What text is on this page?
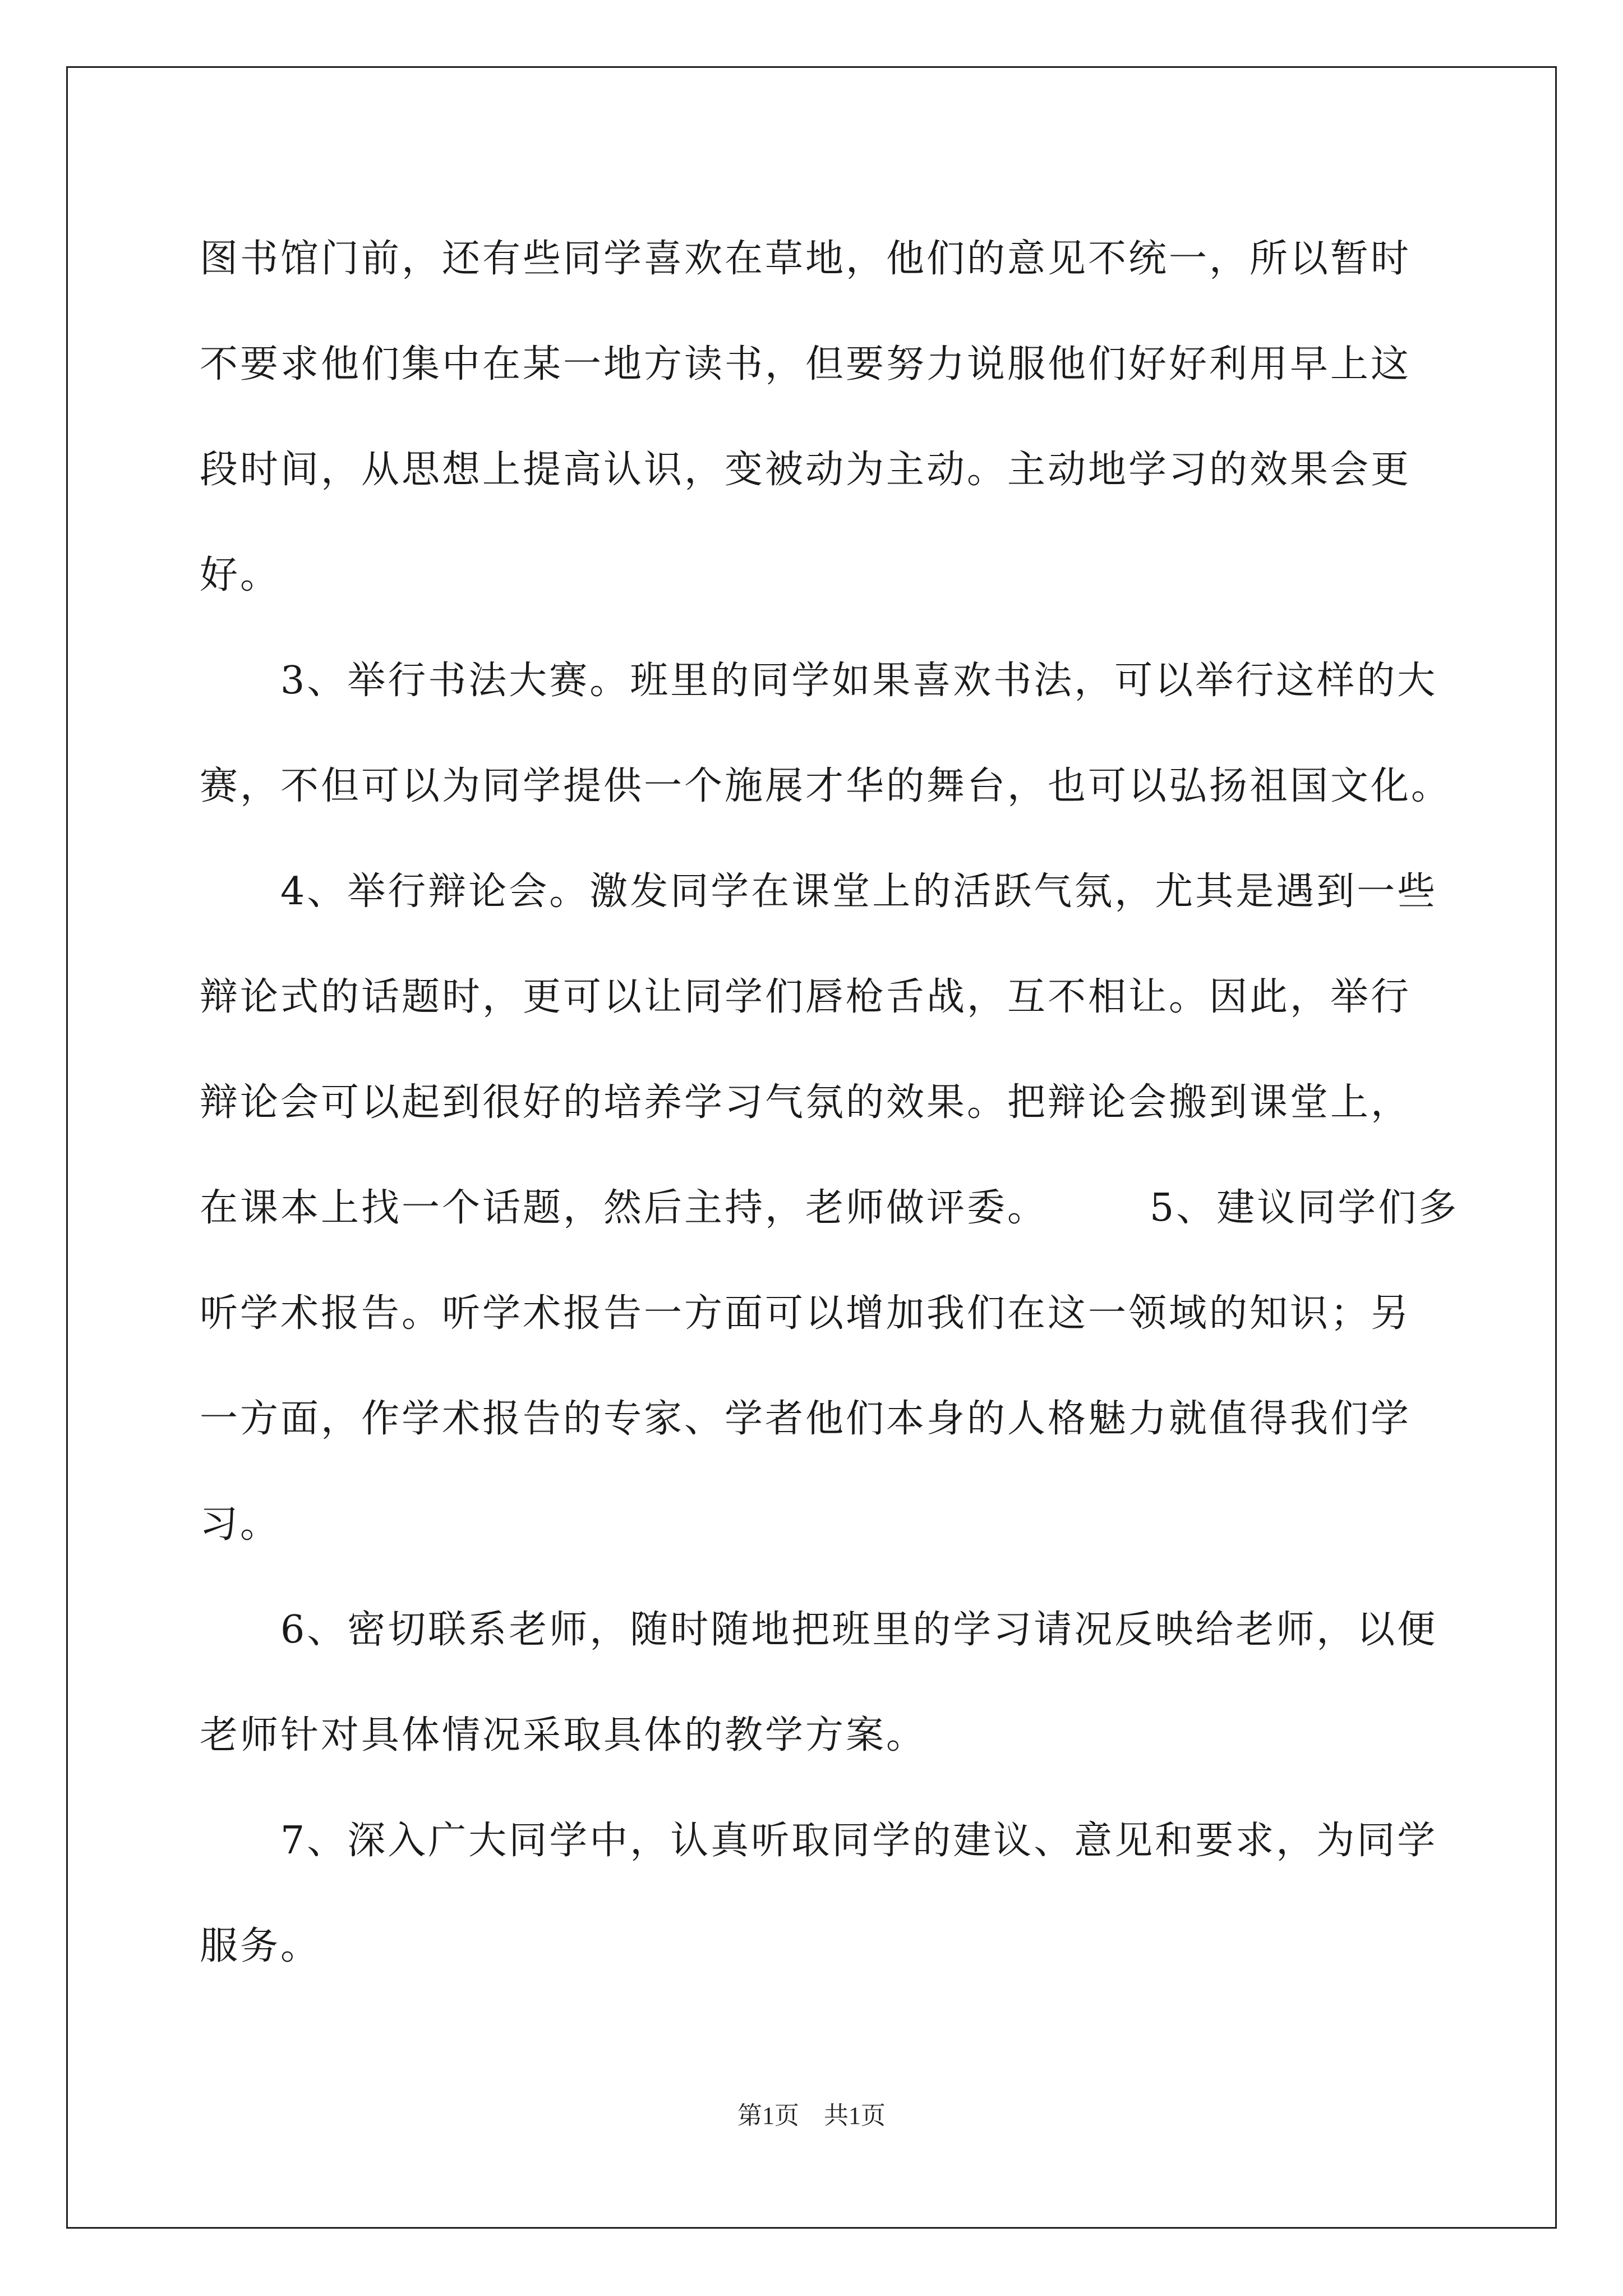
图书馆门前，还有些同学喜欢在草地，他们的意见不统一，所以暂时
不要求他们集中在某一地方读书，但要努力说服他们好好利用早上这
段时间，从思想上提高认识，变被动为主动。主动地学习的效果会更
好。
　　3、举行书法大赛。班里的同学如果喜欢书法，可以举行这样的大
赛，不但可以为同学提供一个施展才华的舞台，也可以弘扬祖国文化。
　　4、举行辩论会。激发同学在课堂上的活跃气氛，尤其是遇到一些
辩论式的话题时，更可以让同学们唇枪舌战，互不相让。因此，举行
辩论会可以起到很好的培养学习气氛的效果。把辩论会搬到课堂上，
在课本上找一个话题，然后主持，老师做评委。　　　5、建议同学们多
听学术报告。听学术报告一方面可以增加我们在这一领域的知识；另
一方面，作学术报告的专家、学者他们本身的人格魅力就值得我们学
习。
　　6、密切联系老师，随时随地把班里的学习请况反映给老师，以便
老师针对具体情况采取具体的教学方案。
　　7、深入广大同学中，认真听取同学的建议、意见和要求，为同学
服务。
第1页　共1页
